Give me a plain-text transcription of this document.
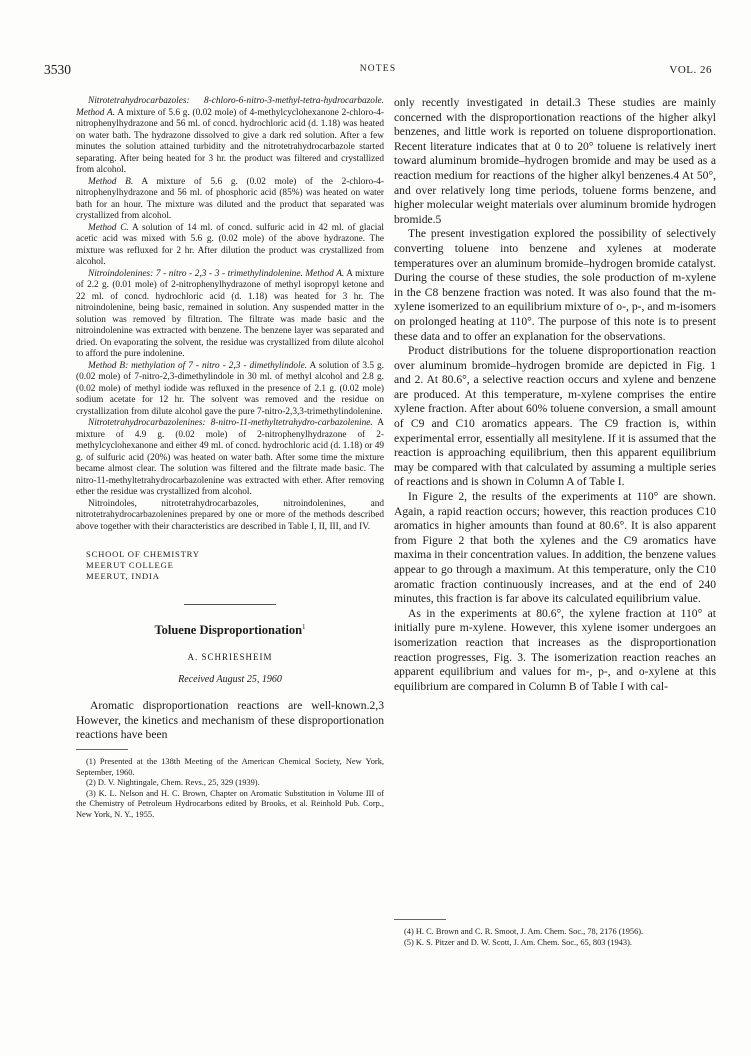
3530	NOTES	VOL. 26

Nitrotetrahydrocarbazoles: 8-chloro-6-nitro-3-methyl-tetra-hydrocarbazole. Method A. A mixture of 5.6 g. (0.02 mole) of 4-methylcyclohexanone 2-chloro-4-nitrophenylhydrazone and 56 ml. of concd. hydrochloric acid (d. 1.18) was heated on water bath. The hydrazone dissolved to give a dark red solution. After a few minutes the solution attained turbidity and the nitrotetrahydrocarbazole started separating. After being heated for 3 hr. the product was filtered and crystallized from alcohol.

Method B. A mixture of 5.6 g. (0.02 mole) of the 2-chloro-4-nitrophenylhydrazone and 56 ml. of phosphoric acid (85%) was heated on water bath for an hour. The mixture was diluted and the product that separated was crystallized from alcohol.

Method C. A solution of 14 ml. of concd. sulfuric acid in 42 ml. of glacial acetic acid was mixed with 5.6 g. (0.02 mole) of the above hydrazone. The mixture was refluxed for 2 hr. After dilution the product was crystallized from alcohol.

Nitroindolenines: 7 - nitro - 2,3 - 3 - trimethylindolenine. Method A. A mixture of 2.2 g. (0.01 mole) of 2-nitrophenylhydrazone of methyl isopropyl ketone and 22 ml. of concd. hydrochloric acid (d. 1.18) was heated for 3 hr. The nitroindolenine, being basic, remained in solution. Any suspended matter in the solution was removed by filtration. The filtrate was made basic and the nitroindolenine was extracted with benzene. The benzene layer was separated and dried. On evaporating the solvent, the residue was crystallized from dilute alcohol to afford the pure indolenine.

Method B: methylation of 7 - nitro - 2,3 - dimethylindole. A solution of 3.5 g. (0.02 mole) of 7-nitro-2,3-dimethylindole in 30 ml. of methyl alcohol and 2.8 g. (0.02 mole) of methyl iodide was refluxed in the presence of 2.1 g. (0.02 mole) sodium acetate for 12 hr. The solvent was removed and the residue on crystallization from dilute alcohol gave the pure 7-nitro-2,3,3-trimethylindolenine.

Nitrotetrahydrocarbazolenines: 8-nitro-11-methyltetrahydro-carbazolenine. A mixture of 4.9 g. (0.02 mole) of 2-nitrophenylhydrazone of 2-methylcyclohexanone and either 49 ml. of concd. hydrochloric acid (d. 1.18) or 49 g. of sulfuric acid (20%) was heated on water bath. After some time the mixture became almost clear. The solution was filtered and the filtrate made basic. The nitro-11-methyltetrahydrocarbazolenine was extracted with ether. After removing ether the residue was crystallized from alcohol.

Nitroindoles, nitrotetrahydrocarbazoles, nitroindolenines, and nitrotetrahydrocarbazolenines prepared by one or more of the methods described above together with their characteristics are described in Table I, II, III, and IV.

SCHOOL OF CHEMISTRY
MEERUT COLLEGE
MEERUT, INDIA
Toluene Disproportionation$^1$
A. SCHRIESHEIM
Received August 25, 1960

Aromatic disproportionation reactions are well-known.2,3 However, the kinetics and mechanism of these disproportionation reactions have been

(1) Presented at the 138th Meeting of the American Chemical Society, New York, September, 1960.

(2) D. V. Nightingale, Chem. Revs., 25, 329 (1939).

(3) K. L. Nelson and H. C. Brown, Chapter on Aromatic Substitution in Volume III of the Chemistry of Petroleum Hydrocarbons edited by Brooks, et al. Reinhold Pub. Corp., New York, N. Y., 1955.

only recently investigated in detail.3 These studies are mainly concerned with the disproportionation reactions of the higher alkyl benzenes, and little work is reported on toluene disproportionation. Recent literature indicates that at 0 to 20° toluene is relatively inert toward aluminum bromide–hydrogen bromide and may be used as a reaction medium for reactions of the higher alkyl benzenes.4 At 50°, and over relatively long time periods, toluene forms benzene, and higher molecular weight materials over aluminum bromide hydrogen bromide.5

The present investigation explored the possibility of selectively converting toluene into benzene and xylenes at moderate temperatures over an aluminum bromide–hydrogen bromide catalyst. During the course of these studies, the sole production of m-xylene in the C8 benzene fraction was noted. It was also found that the m-xylene isomerized to an equilibrium mixture of o-, p-, and m-isomers on prolonged heating at 110°. The purpose of this note is to present these data and to offer an explanation for the observations.

Product distributions for the toluene disproportionation reaction over aluminum bromide–hydrogen bromide are depicted in Fig. 1 and 2. At 80.6°, a selective reaction occurs and xylene and benzene are produced. At this temperature, m-xylene comprises the entire xylene fraction. After about 60% toluene conversion, a small amount of C9 and C10 aromatics appears. The C9 fraction is, within experimental error, essentially all mesitylene. If it is assumed that the reaction is approaching equilibrium, then this apparent equilibrium may be compared with that calculated by assuming a multiple series of reactions and is shown in Column A of Table I.

In Figure 2, the results of the experiments at 110° are shown. Again, a rapid reaction occurs; however, this reaction produces C10 aromatics in higher amounts than found at 80.6°. It is also apparent from Figure 2 that both the xylenes and the C9 aromatics have maxima in their concentration values. In addition, the benzene values appear to go through a maximum. At this temperature, only the C10 aromatic fraction continuously increases, and at the end of 240 minutes, this fraction is far above its calculated equilibrium value.

As in the experiments at 80.6°, the xylene fraction at 110° at initially pure m-xylene. However, this xylene isomer undergoes an isomerization reaction that increases as the disproportionation reaction progresses, Fig. 3. The isomerization reaction reaches an apparent equilibrium and values for m-, p-, and o-xylene at this equilibrium are compared in Column B of Table I with cal-

(4) H. C. Brown and C. R. Smoot, J. Am. Chem. Soc., 78, 2176 (1956).

(5) K. S. Pitzer and D. W. Scott, J. Am. Chem. Soc., 65, 803 (1943).
